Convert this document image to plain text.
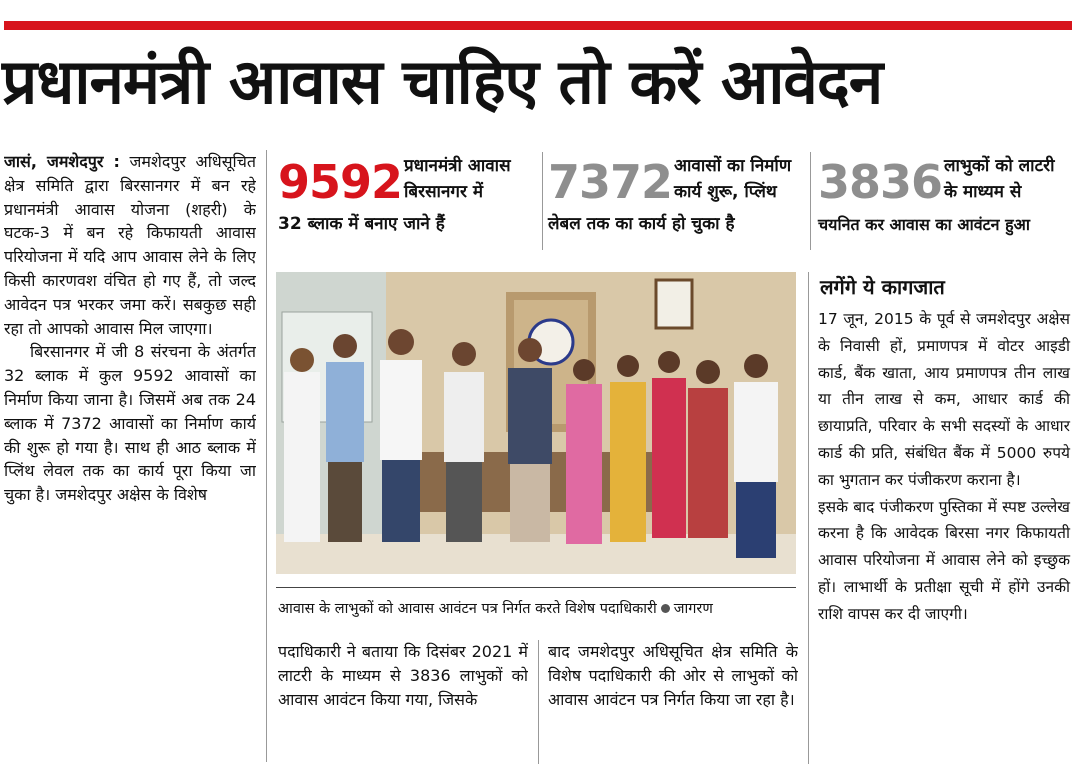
प्रधानमंत्री आवास चाहिए तो करें आवेदन

जासं, जमशेदपुर : जमशेदपुर अधिसूचित क्षेत्र समिति द्वारा बिरसानगर में बन रहे प्रधानमंत्री आवास योजना (शहरी) के घटक-3 में बन रहे किफायती आवास परियोजना में यदि आप आवास लेने के लिए किसी कारणवश वंचित हो गए हैं, तो जल्द आवेदन पत्र भरकर जमा करें। सबकुछ सही रहा तो आपको आवास मिल जाएगा।

बिरसानगर में जी 8 संरचना के अंतर्गत 32 ब्लाक में कुल 9592 आवासों का निर्माण किया जाना है। जिसमें अब तक 24 ब्लाक में 7372 आवासों का निर्माण कार्य की शुरू हो गया है। साथ ही आठ ब्लाक में प्लिंथ लेवल तक का कार्य पूरा किया जा चुका है। जमशेदपुर अक्षेस के विशेष

9592 प्रधानमंत्री आवास
बिरसानगर में
32 ब्लाक में बनाए जाने हैं
7372 आवासों का निर्माण
कार्य शुरू, प्लिंथ
लेबल तक का कार्य हो चुका है
3836 लाभुकों को लाटरी
के माध्यम से
चयनित कर आवास का आवंटन हुआ
आवास के लाभुकों को आवास आवंटन पत्र निर्गत करते विशेष पदाधिकारी जागरण
पदाधिकारी ने बताया कि दिसंबर 2021 में लाटरी के माध्यम से 3836 लाभुकों को आवास आवंटन किया गया, जिसके
बाद जमशेदपुर अधिसूचित क्षेत्र समिति के विशेष पदाधिकारी की ओर से लाभुकों को आवास आवंटन पत्र निर्गत किया जा रहा है।
लगेंगे ये कागजात

17 जून, 2015 के पूर्व से जमशेदपुर अक्षेस के निवासी हों, प्रमाणपत्र में वोटर आइडी कार्ड, बैंक खाता, आय प्रमाणपत्र तीन लाख या तीन लाख से कम, आधार कार्ड की छायाप्रति, परिवार के सभी सदस्यों के आधार कार्ड की प्रति, संबंधित बैंक में 5000 रुपये का भुगतान कर पंजीकरण कराना है।

इसके बाद पंजीकरण पुस्तिका में स्पष्ट उल्लेख करना है कि आवेदक बिरसा नगर किफायती आवास परियोजना में आवास लेने को इच्छुक हों। लाभार्थी के प्रतीक्षा सूची में होंगे उनकी राशि वापस कर दी जाएगी।
